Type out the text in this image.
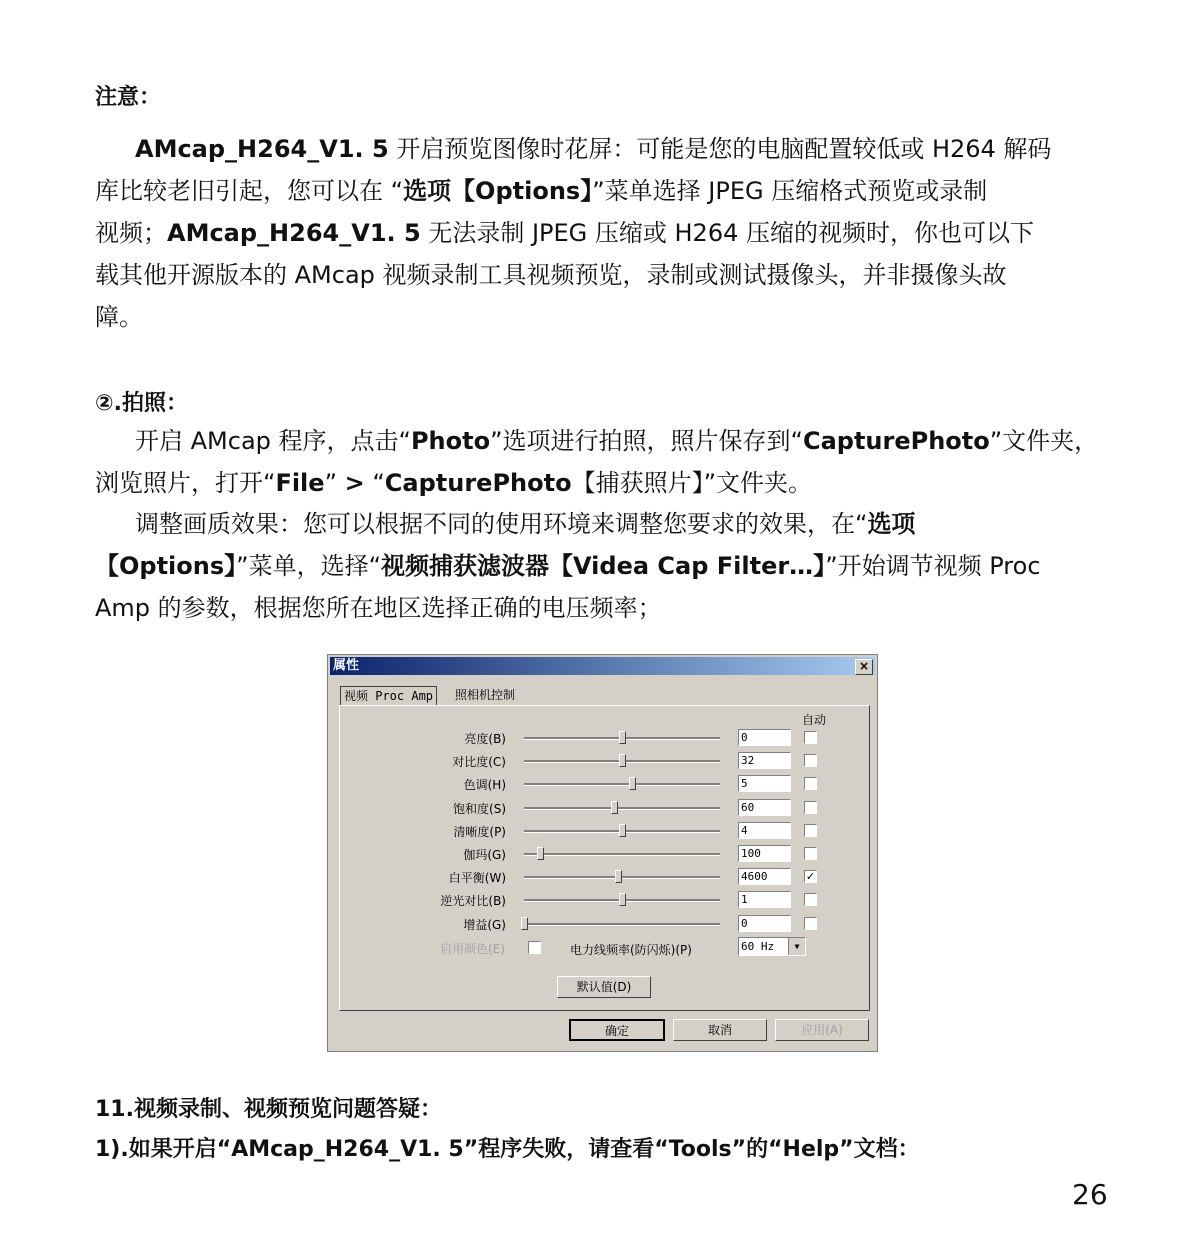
注意：
AMcap_H264_V1. 5 开启预览图像时花屏：可能是您的电脑配置较低或 H264 解码
库比较老旧引起，您可以在 “选项【Options】”菜单选择 JPEG 压缩格式预览或录制
视频；AMcap_H264_V1. 5 无法录制 JPEG 压缩或 H264 压缩的视频时，你也可以下
载其他开源版本的 AMcap 视频录制工具视频预览，录制或测试摄像头，并非摄像头故
障。
②.拍照：
开启 AMcap 程序，点击“Photo”选项进行拍照，照片保存到“CapturePhoto”文件夹，
浏览照片，打开“File” > “CapturePhoto【捕获照片】”文件夹。
调整画质效果：您可以根据不同的使用环境来调整您要求的效果，在“选项
【Options】”菜单，选择“视频捕获滤波器【Videa Cap Filter…】”开始调节视频 Proc
Amp 的参数，根据您所在地区选择正确的电压频率；
属性	×
视频 Proc Amp	照相机控制
自动
亮度(B)	0
对比度(C)	32
色调(H)	5
饱和度(S)	60
清晰度(P)	4
伽玛(G)	100
白平衡(W)	4600	✓
逆光对比(B)	1
增益(G)	0
启用颜色(E)	电力线频率(防闪烁)(P)	60 Hz	▼
默认值(D)
确定	取消	应用(A)
11.视频录制、视频预览问题答疑：
1).如果开启“AMcap_H264_V1. 5”程序失败，请查看“Tools”的“Help”文档：
26
